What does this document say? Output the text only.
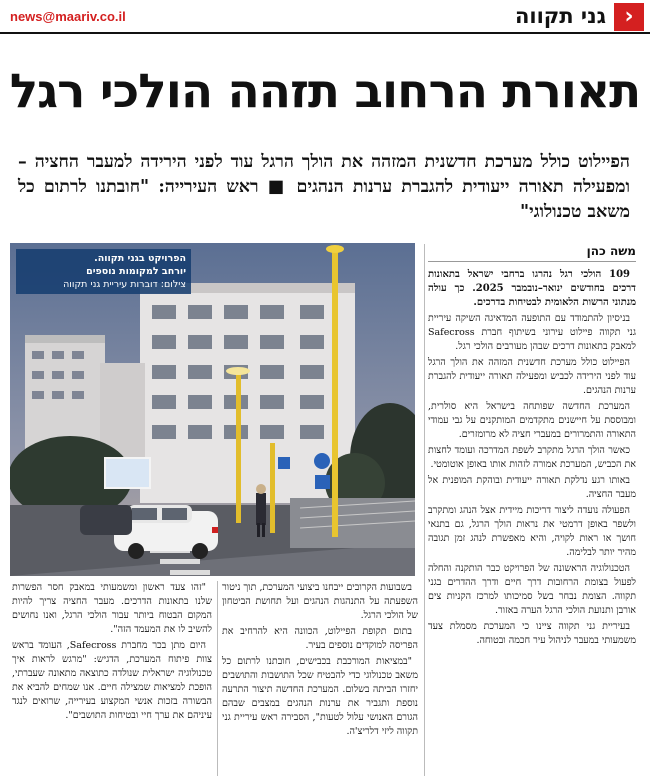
‹
גני תקווה
news@maariv.co.il
תאורת הרחוב תזהה הולכי רגל
הפיילוט כולל מערכת חדשנית המזהה את הולך הרגל עוד לפני הירידה למעבר החציה – ומפעילה תאורה ייעודית להגברת ערנות הנהגים ■ ראש העירייה: "חובתנו לרתום כל משאב טכנולוגי"
משה כהן
הפרויקט בגני תקווה.
יורחב למקומות נוספים
צילום: דוברות עיריית גני תקווה

109 הולכי רגל נהרגו ברחבי ישראל בתאונות דרכים בחודשים ינואר–נובמבר 2025. כך עולה מנתוני הרשות הלאומית לבטיחות בדרכים.

בניסיון להתמודד עם התופעה המדאיגה השיקה עיריית גני תקווה פיילוט עירוני בשיתוף חברת Safecross למאבק בתאונות דרכים שבהן מעורבים הולכי רגל.

הפיילוט כולל מערכת חדשנית המזהה את הולך הרגל עוד לפני הירידה לכביש ומפעילה תאורה ייעודית להגברת ערנות הנהגים.

המערכת החדשה שפותחה בישראל היא סולרית, ומבוססת על חיישנים מתקדמים המותקנים על גבי עמודי התאורה והתמרורים במעברי חציה לא מרומזרים.

כאשר הולך הרגל מתקרב לשפת המדרכה ועומד לחצות את הכביש, המערכת אמורה לזהות אותו באופן אוטומטי.

באותו רגע נדלקת תאורה ייעודית ובוהקת המופנית אל מעבר החציה.

הפעולה נועדה ליצור דריכות מיידית אצל הנהג ומתקרב ולשפר באופן דרמטי את נראות הולך הרגל, גם בתנאי חושך או ראות לקויה, והיא מאפשרת לנהג זמן תגובה מהיר יותר לבלימה.

הטכנולוגיה הראשונה של הפרויקט כבר הותקנה והחלה לפעול בצומת הרחובות דרך חיים ודרך ההדרים בגני תקווה. הצומת נבחר בשל סמיכותו למרכז הקניות צים אורבן ותנועת הולכי הרגל הערה באזור.

בעיריית גני תקווה ציינו כי המערכת מסמלת צעד משמעותי במעבר לניהול עיר חכמה ובטוחה.

בשבועות הקרובים ייבחנו ביצועי המערכת, תוך ניטור השפעתה על התנהגות הנהגים ועל תחושת הביטחון של הולכי הרגל.

בתום תקופת הפיילוט, הכוונה היא להרחיב את הפריסה למוקדים נוספים בעיר.

"במציאות המורכבת בכבישים, חובתנו לרתום כל משאב טכנולוגי כדי להבטיח שכל התושבות והתושבים יחזרו הביתה בשלום. המערכת החדשה תיצור התרעה נוספת ותגביר את ערנות הנהגים במצבים שבהם הגורם האנושי עלול לטעות", הסבירה ראש עיריית גני תקווה ליזי דלריצ'ה.

"זהו צעד ראשון ומשמעותי במאבק חסר הפשרות שלנו בתאונות הדרכים. מעבר החציה צריך להיות המקום הבטוח ביותר עבור הולכי הרגל, ואנו נחושים להשיב לו את המעמד הזה".

היום מתן בכר מחברת Safecross, העומד בראש צוות פיתוח המערכת, הדגיש: "מרגש לראות איך טכנולוגיה ישראלית שנולדה כתוצאה מתאונה שעברתי, הופכת למציאות שמצילה חיים. אנו שמחים להביא את הבשורה בזכות אנשי המקצוע בעירייה, שרואים לנגד עיניהם את ערך חיי ובטיחות התושבים".
